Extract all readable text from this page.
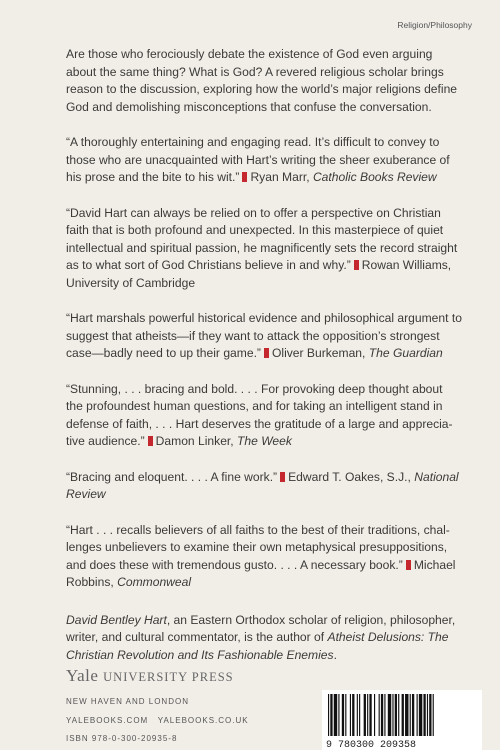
Religion/Philosophy

Are those who ferociously debate the existence of God even arguing about the same thing? What is God? A revered religious scholar brings reason to the discussion, exploring how the world’s major religions define God and demolishing misconceptions that confuse the conversation.

“A thoroughly entertaining and engaging read. It’s difficult to convey to those who are unacquainted with Hart’s writing the sheer exuberance of his prose and the bite to his wit.” Ryan Marr, Catholic Books Review

“David Hart can always be relied on to offer a perspective on Christian faith that is both profound and unexpected. In this masterpiece of quiet intellectual and spiritual passion, he magnificently sets the record straight as to what sort of God Christians believe in and why.” Rowan Williams, University of Cambridge

“Hart marshals powerful historical evidence and philosophical argument to suggest that atheists—if they want to attack the opposition’s strongest case—badly need to up their game.” Oliver Burkeman, The Guardian

“Stunning, . . . bracing and bold. . . . For provoking deep thought about the profoundest human questions, and for taking an intelligent stand in defense of faith, . . . Hart deserves the gratitude of a large and appreciative audience.” Damon Linker, The Week

“Bracing and eloquent. . . . A fine work.” Edward T. Oakes, S.J., National Review

“Hart . . . recalls believers of all faiths to the best of their traditions, challenges unbelievers to examine their own metaphysical presuppositions, and does these with tremendous gusto. . . . A necessary book.” Michael Robbins, Commonweal

David Bentley Hart, an Eastern Orthodox scholar of religion, philosopher, writer, and cultural commentator, is the author of Atheist Delusions: The Christian Revolution and Its Fashionable Enemies.

Yale UNIVERSITY PRESS
NEW HAVEN AND LONDON
YALEBOOKS.COM   YALEBOOKS.CO.UK
ISBN 978-0-300-20935-8
9 780300 209358
